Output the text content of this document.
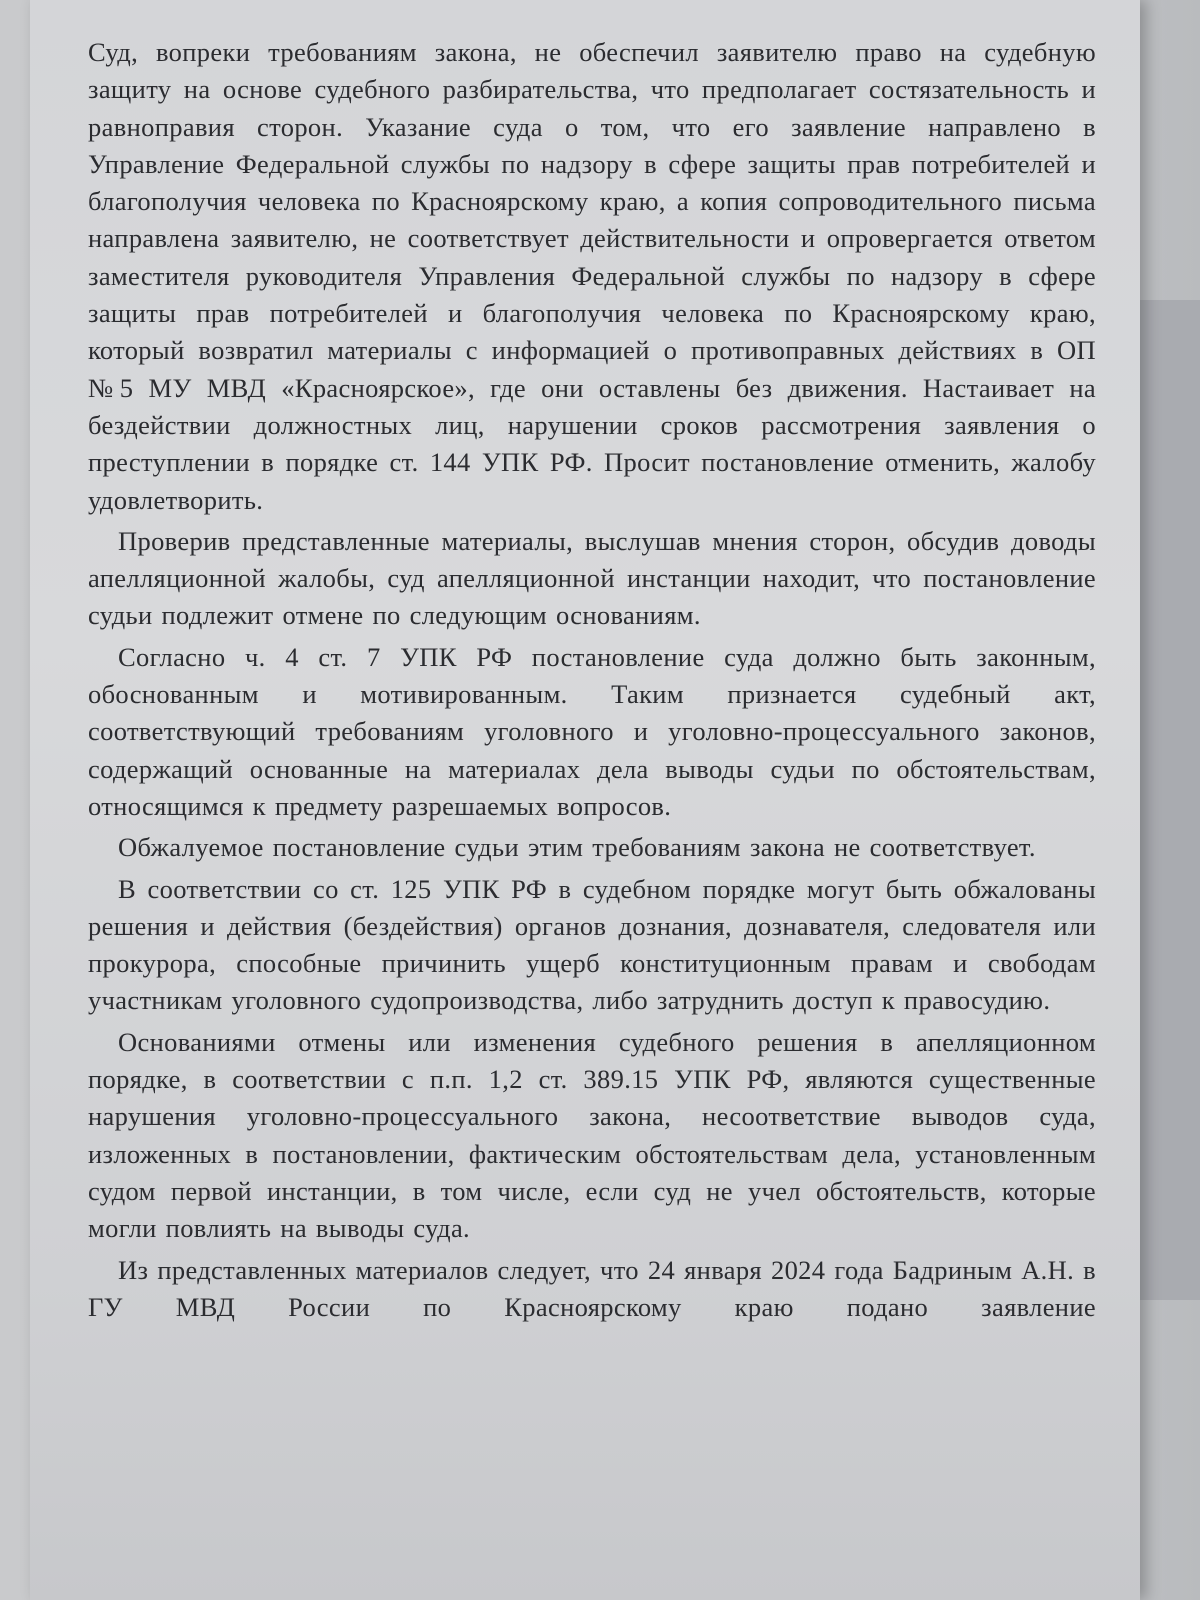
Суд, вопреки требованиям закона, не обеспечил заявителю право на судебную защиту на основе судебного разбирательства, что предполагает состязательность и равноправия сторон. Указание суда о том, что его заявление направлено в Управление Федеральной службы по надзору в сфере защиты прав потребителей и благополучия человека по Красноярскому краю, а копия сопроводительного письма направлена заявителю, не соответствует действительности и опровергается ответом заместителя руководителя Управления Федеральной службы по надзору в сфере защиты прав потребителей и благополучия человека по Красноярскому краю, который возвратил материалы с информацией о противоправных действиях в ОП №5 МУ МВД «Красноярское», где они оставлены без движения. Настаивает на бездействии должностных лиц, нарушении сроков рассмотрения заявления о преступлении в порядке ст. 144 УПК РФ. Просит постановление отменить, жалобу удовлетворить.

Проверив представленные материалы, выслушав мнения сторон, обсудив доводы апелляционной жалобы, суд апелляционной инстанции находит, что постановление судьи подлежит отмене по следующим основаниям.

Согласно ч. 4 ст. 7 УПК РФ постановление суда должно быть законным, обоснованным и мотивированным. Таким признается судебный акт, соответствующий требованиям уголовного и уголовно-процессуального законов, содержащий основанные на материалах дела выводы судьи по обстоятельствам, относящимся к предмету разрешаемых вопросов.

Обжалуемое постановление судьи этим требованиям закона не соответствует.

В соответствии со ст. 125 УПК РФ в судебном порядке могут быть обжалованы решения и действия (бездействия) органов дознания, дознавателя, следователя или прокурора, способные причинить ущерб конституционным правам и свободам участникам уголовного судопроизводства, либо затруднить доступ к правосудию.

Основаниями отмены или изменения судебного решения в апелляционном порядке, в соответствии с п.п. 1,2 ст. 389.15 УПК РФ, являются существенные нарушения уголовно-процессуального закона, несоответствие выводов суда, изложенных в постановлении, фактическим обстоятельствам дела, установленным судом первой инстанции, в том числе, если суд не учел обстоятельств, которые могли повлиять на выводы суда.

Из представленных материалов следует, что 24 января 2024 года Бадриным А.Н. в ГУ МВД России по Красноярскому краю подано заявление
